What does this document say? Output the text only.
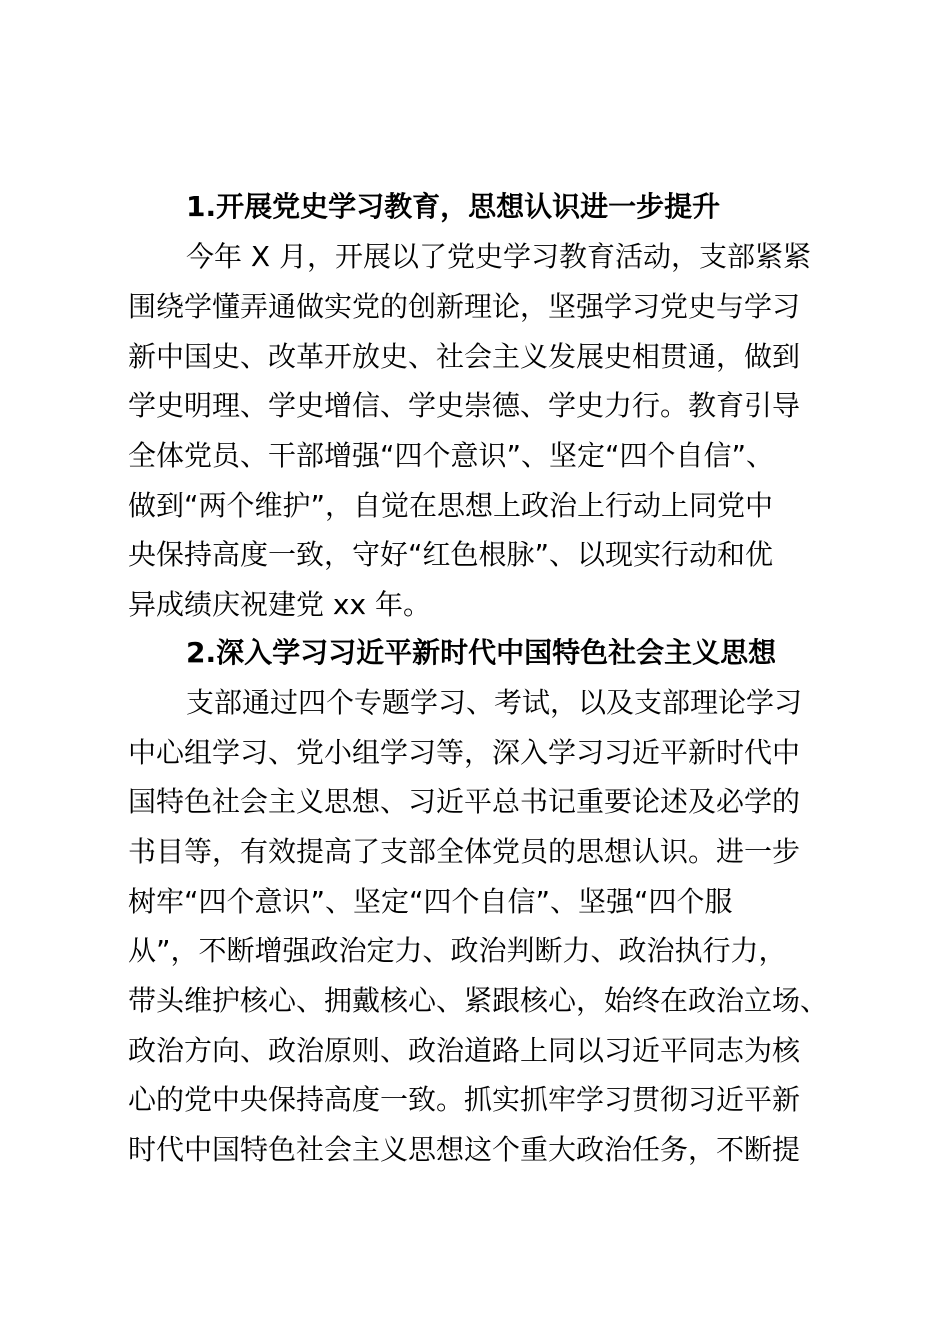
1.开展党史学习教育，思想认识进一步提升
今年 X 月，开展以了党史学习教育活动，支部紧紧
围绕学懂弄通做实党的创新理论，坚强学习党史与学习
新中国史、改革开放史、社会主义发展史相贯通，做到
学史明理、学史增信、学史崇德、学史力行。教育引导
全体党员、干部增强“四个意识”、坚定“四个自信”、
做到“两个维护”，自觉在思想上政治上行动上同党中
央保持高度一致，守好“红色根脉”、以现实行动和优
异成绩庆祝建党 xx 年。
2.深入学习习近平新时代中国特色社会主义思想
支部通过四个专题学习、考试，以及支部理论学习
中心组学习、党小组学习等，深入学习习近平新时代中
国特色社会主义思想、习近平总书记重要论述及必学的
书目等，有效提高了支部全体党员的思想认识。进一步
树牢“四个意识”、坚定“四个自信”、坚强“四个服
从”，不断增强政治定力、政治判断力、政治执行力，
带头维护核心、拥戴核心、紧跟核心，始终在政治立场、
政治方向、政治原则、政治道路上同以习近平同志为核
心的党中央保持高度一致。抓实抓牢学习贯彻习近平新
时代中国特色社会主义思想这个重大政治任务，不断提
